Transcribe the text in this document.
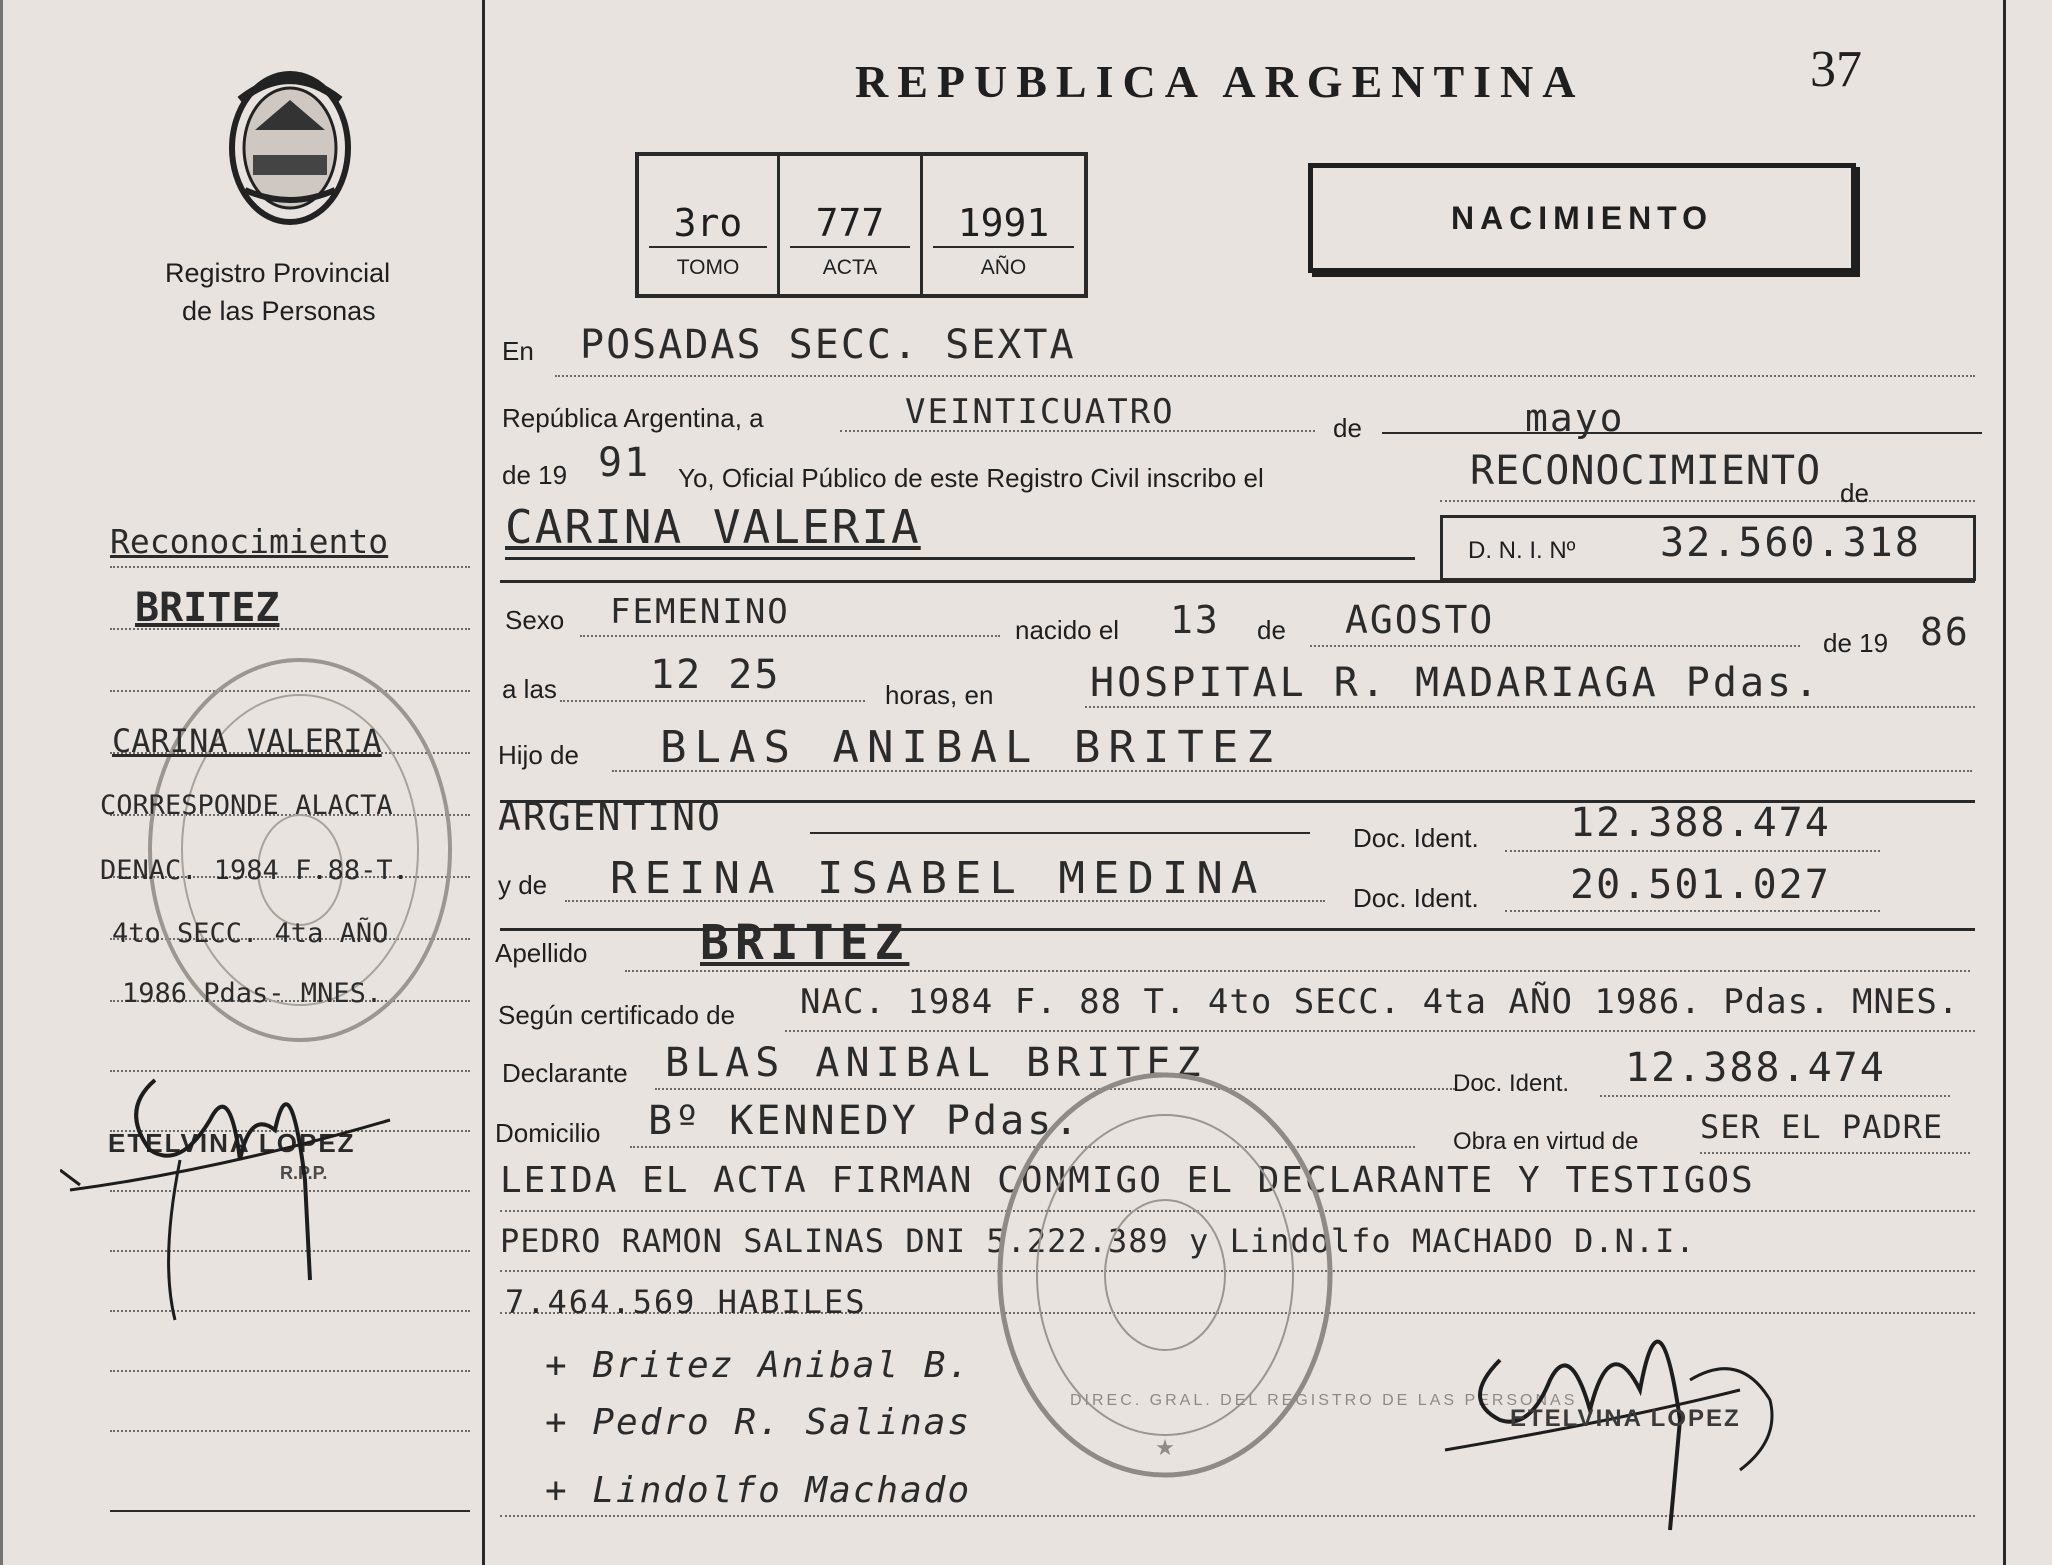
Registro Provincial
de las Personas
Reconocimiento
BRITEZ
CARINA VALERIA
CORRESPONDE ALACTA
DENAC. 1984 F.88-T.
4to SECC. 4ta AÑO
1986 Pdas- MNES.
ETELVINA LOPEZ
R.P.P.
REPUBLICA ARGENTINA	37
3ro
TOMO
777
ACTA
1991
AÑO
NACIMIENTO
En POSADAS SECC. SEXTA
República Argentina, a	VEINTICUATRO	de	mayo
de 19 91 Yo, Oficial Público de este Registro Civil inscribo el	RECONOCIMIENTO de
CARINA VALERIA	D. N. I. Nº 32.560.318
Sexo FEMENINO	nacido el 13 de AGOSTO
de 19 86
a las 12 25	horas, en HOSPITAL R. MADARIAGA Pdas.
Hijo de BLAS ANIBAL BRITEZ
ARGENTINO	Doc. Ident. 12.388.474
y de REINA ISABEL MEDINA	Doc. Ident. 20.501.027
Apellido BRITEZ
Según certificado de NAC. 1984 F. 88 T. 4to SECC. 4ta AÑO 1986. Pdas. MNES.
Declarante BLAS ANIBAL BRITEZ	Doc. Ident. 12.388.474
Domicilio Bº KENNEDY Pdas.	Obra en virtud de SER EL PADRE
LEIDA EL ACTA FIRMAN CONMIGO EL DECLARANTE Y TESTIGOS
PEDRO RAMON SALINAS DNI 5.222.389 y Lindolfo MACHADO D.N.I.
7.464.569 HABILES
★
DIREC. GRAL. DEL REGISTRO DE LAS PERSONAS
+ Britez Anibal B.
+ Pedro R. Salinas
+ Lindolfo Machado
ETELVINA LOPEZ
